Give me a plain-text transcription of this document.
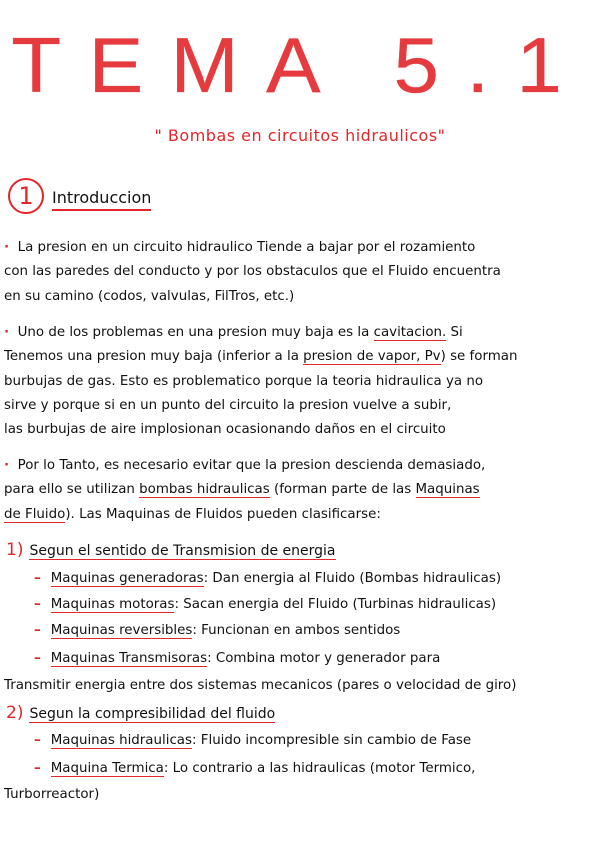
TEMA 5.1
" Bombas en circuitos hidraulicos"
1	Introduccion
· La presion en un circuito hidraulico Tiende a bajar por el rozamiento
con las paredes del conducto y por los obstaculos que el Fluido encuentra
en su camino (codos, valvulas, FilTros, etc.)
· Uno de los problemas en una presion muy baja es la cavitacion. Si
Tenemos una presion muy baja (inferior a la presion de vapor, Pv) se forman
burbujas de gas. Esto es problematico porque la teoria hidraulica ya no
sirve y porque si en un punto del circuito la presion vuelve a subir,
las burbujas de aire implosionan ocasionando daños en el circuito
· Por lo Tanto, es necesario evitar que la presion descienda demasiado,
para ello se utilizan bombas hidraulicas (forman parte de las Maquinas
de Fluido). Las Maquinas de Fluidos pueden clasificarse:
1) Segun el sentido de Transmision de energia
– Maquinas generadoras: Dan energia al Fluido (Bombas hidraulicas)
– Maquinas motoras: Sacan energia del Fluido (Turbinas hidraulicas)
– Maquinas reversibles: Funcionan en ambos sentidos
– Maquinas Transmisoras: Combina motor y generador para
Transmitir energia entre dos sistemas mecanicos (pares o velocidad de giro)
2) Segun la compresibilidad del fluido
– Maquinas hidraulicas: Fluido incompresible sin cambio de Fase
– Maquina Termica: Lo contrario a las hidraulicas (motor Termico,
Turborreactor)
